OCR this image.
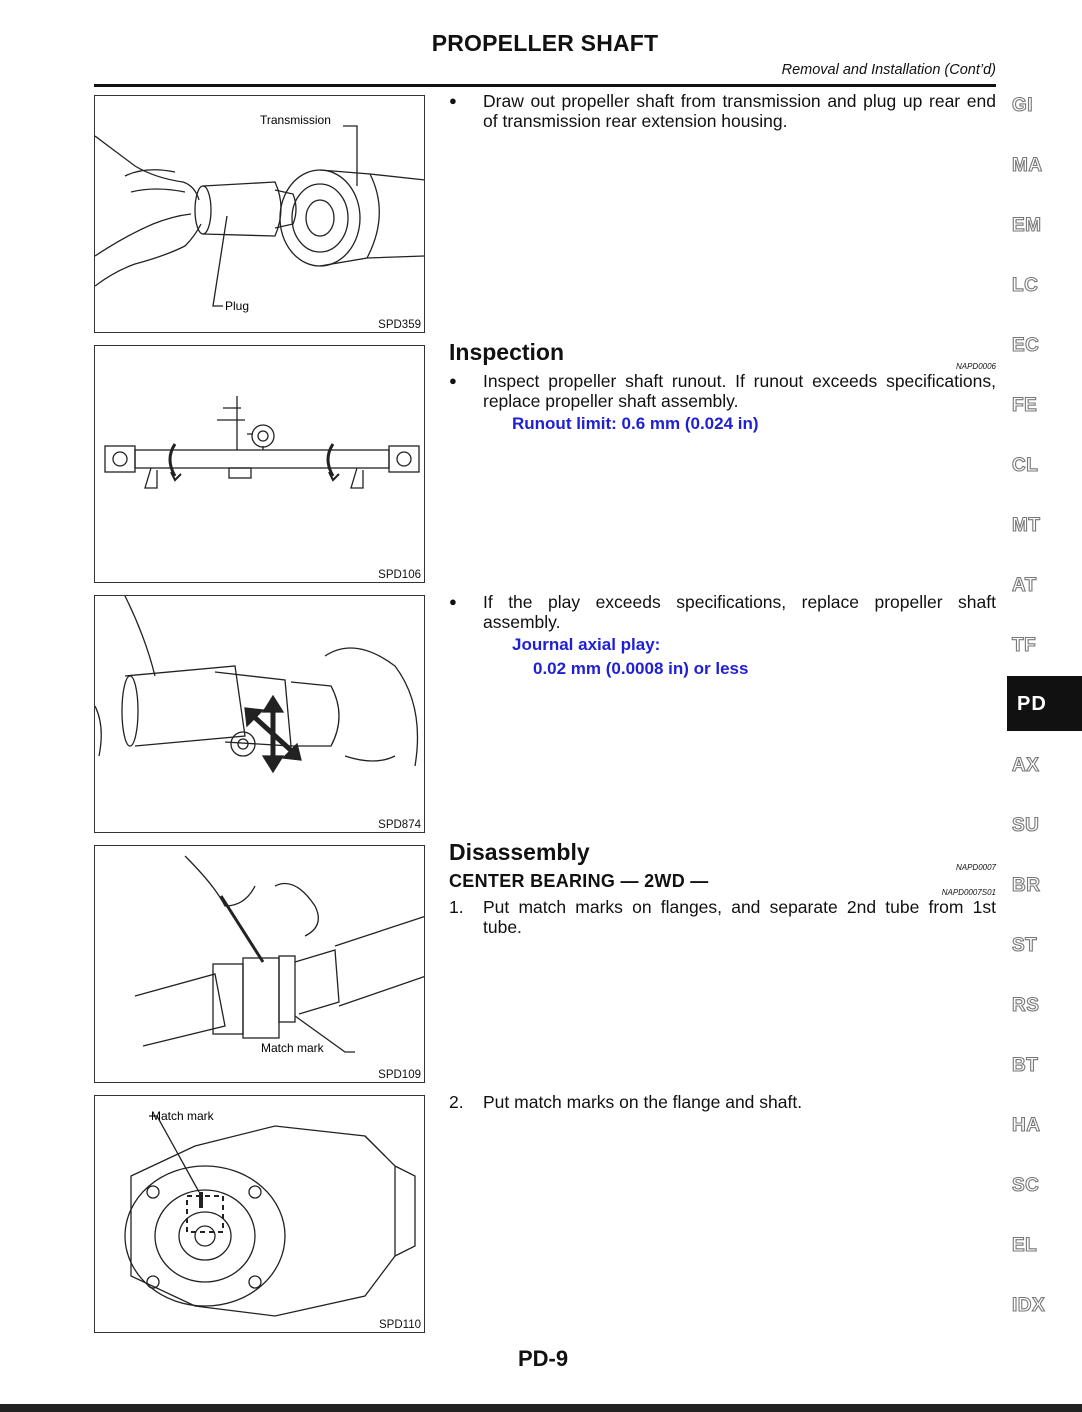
PROPELLER SHAFT
Removal and Installation (Cont’d)
Transmission
Plug
SPD359
SPD106
SPD874
Match mark
SPD109
Match mark
SPD110
● Draw out propeller shaft from transmission and plug up rear end of transmission rear extension housing.
Inspection
NAPD0006
● Inspect propeller shaft runout. If runout exceeds specifications, replace propeller shaft assembly.
Runout limit: 0.6 mm (0.024 in)
● If the play exceeds specifications, replace propeller shaft assembly.
Journal axial play:
0.02 mm (0.0008 in) or less
Disassembly
NAPD0007
CENTER BEARING — 2WD —
NAPD0007S01
1. Put match marks on flanges, and separate 2nd tube from 1st tube.
2. Put match marks on the flange and shaft.
GI
MA
EM
LC
EC
FE
CL
MT
AT
TF
PD
AX
SU
BR
ST
RS
BT
HA
SC
EL
IDX
PD-9
